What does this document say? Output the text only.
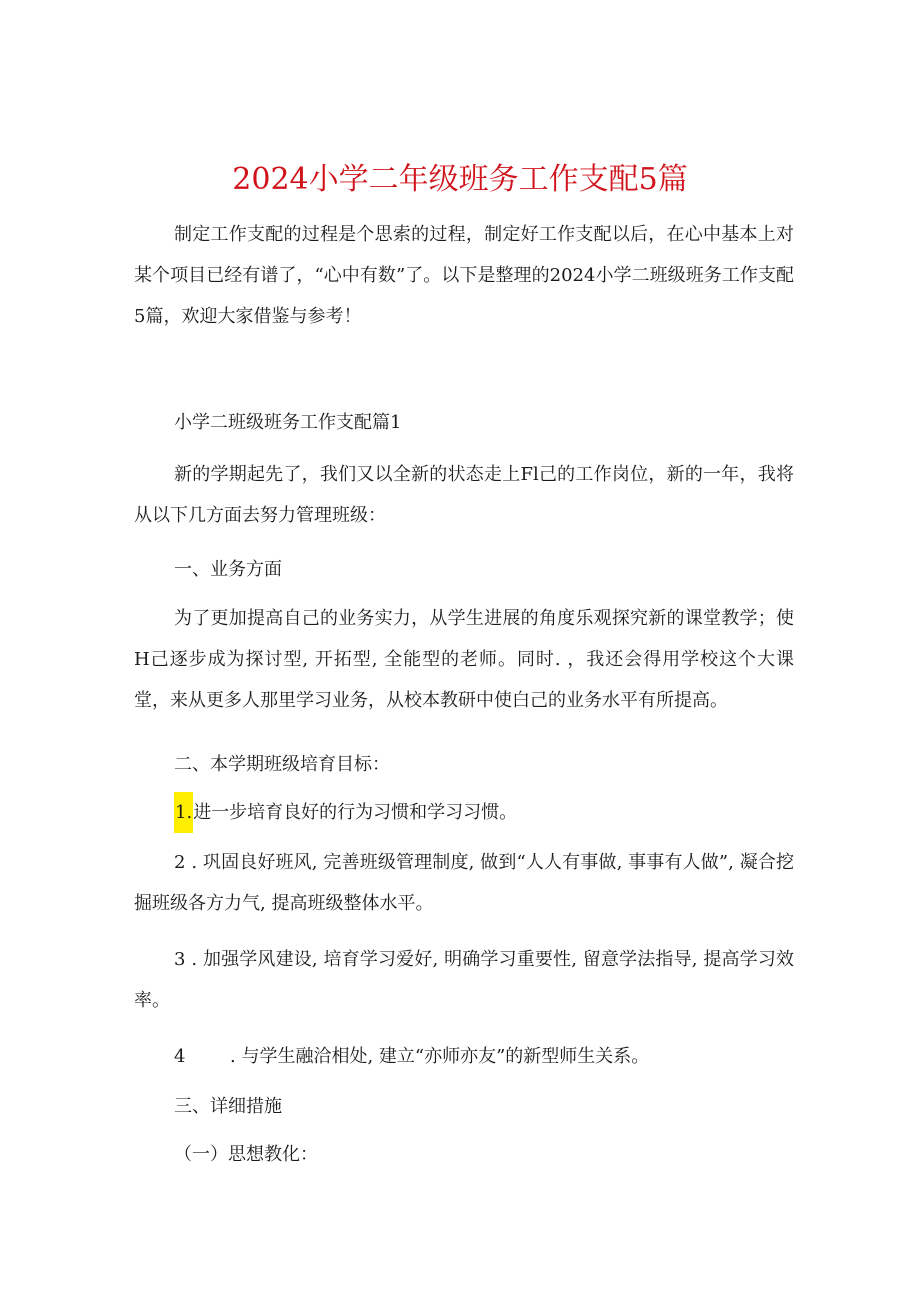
2024小学二年级班务工作支配5篇

制定工作支配的过程是个思索的过程，制定好工作支配以后，在心中基本上对某个项目已经有谱了，“心中有数”了。以下是整理的2024小学二班级班务工作支配5篇，欢迎大家借鉴与参考！

小学二班级班务工作支配篇1

新的学期起先了，我们又以全新的状态走上Fl己的工作岗位，新的一年，我将从以下几方面去努力管理班级：

一、业务方面

为了更加提高自己的业务实力，从学生进展的角度乐观探究新的课堂教学；使H己逐步成为探讨型, 开拓型, 全能型的老师。同时. ，我还会得用学校这个大课堂，来从更多人那里学习业务，从校本教研中使白己的业务水平有所提高。

二、本学期班级培育目标：

1.进一步培育良好的行为习惯和学习习惯。

2 . 巩固良好班风, 完善班级管理制度, 做到“人人有事做, 事事有人做”, 凝合挖掘班级各方力气, 提高班级整体水平。

3 . 加强学风建设, 培育学习爱好, 明确学习重要性, 留意学法指导, 提高学习效率。

4 . 与学生融洽相处, 建立“亦师亦友”的新型师生关系。

三、详细措施

（一）思想教化：
